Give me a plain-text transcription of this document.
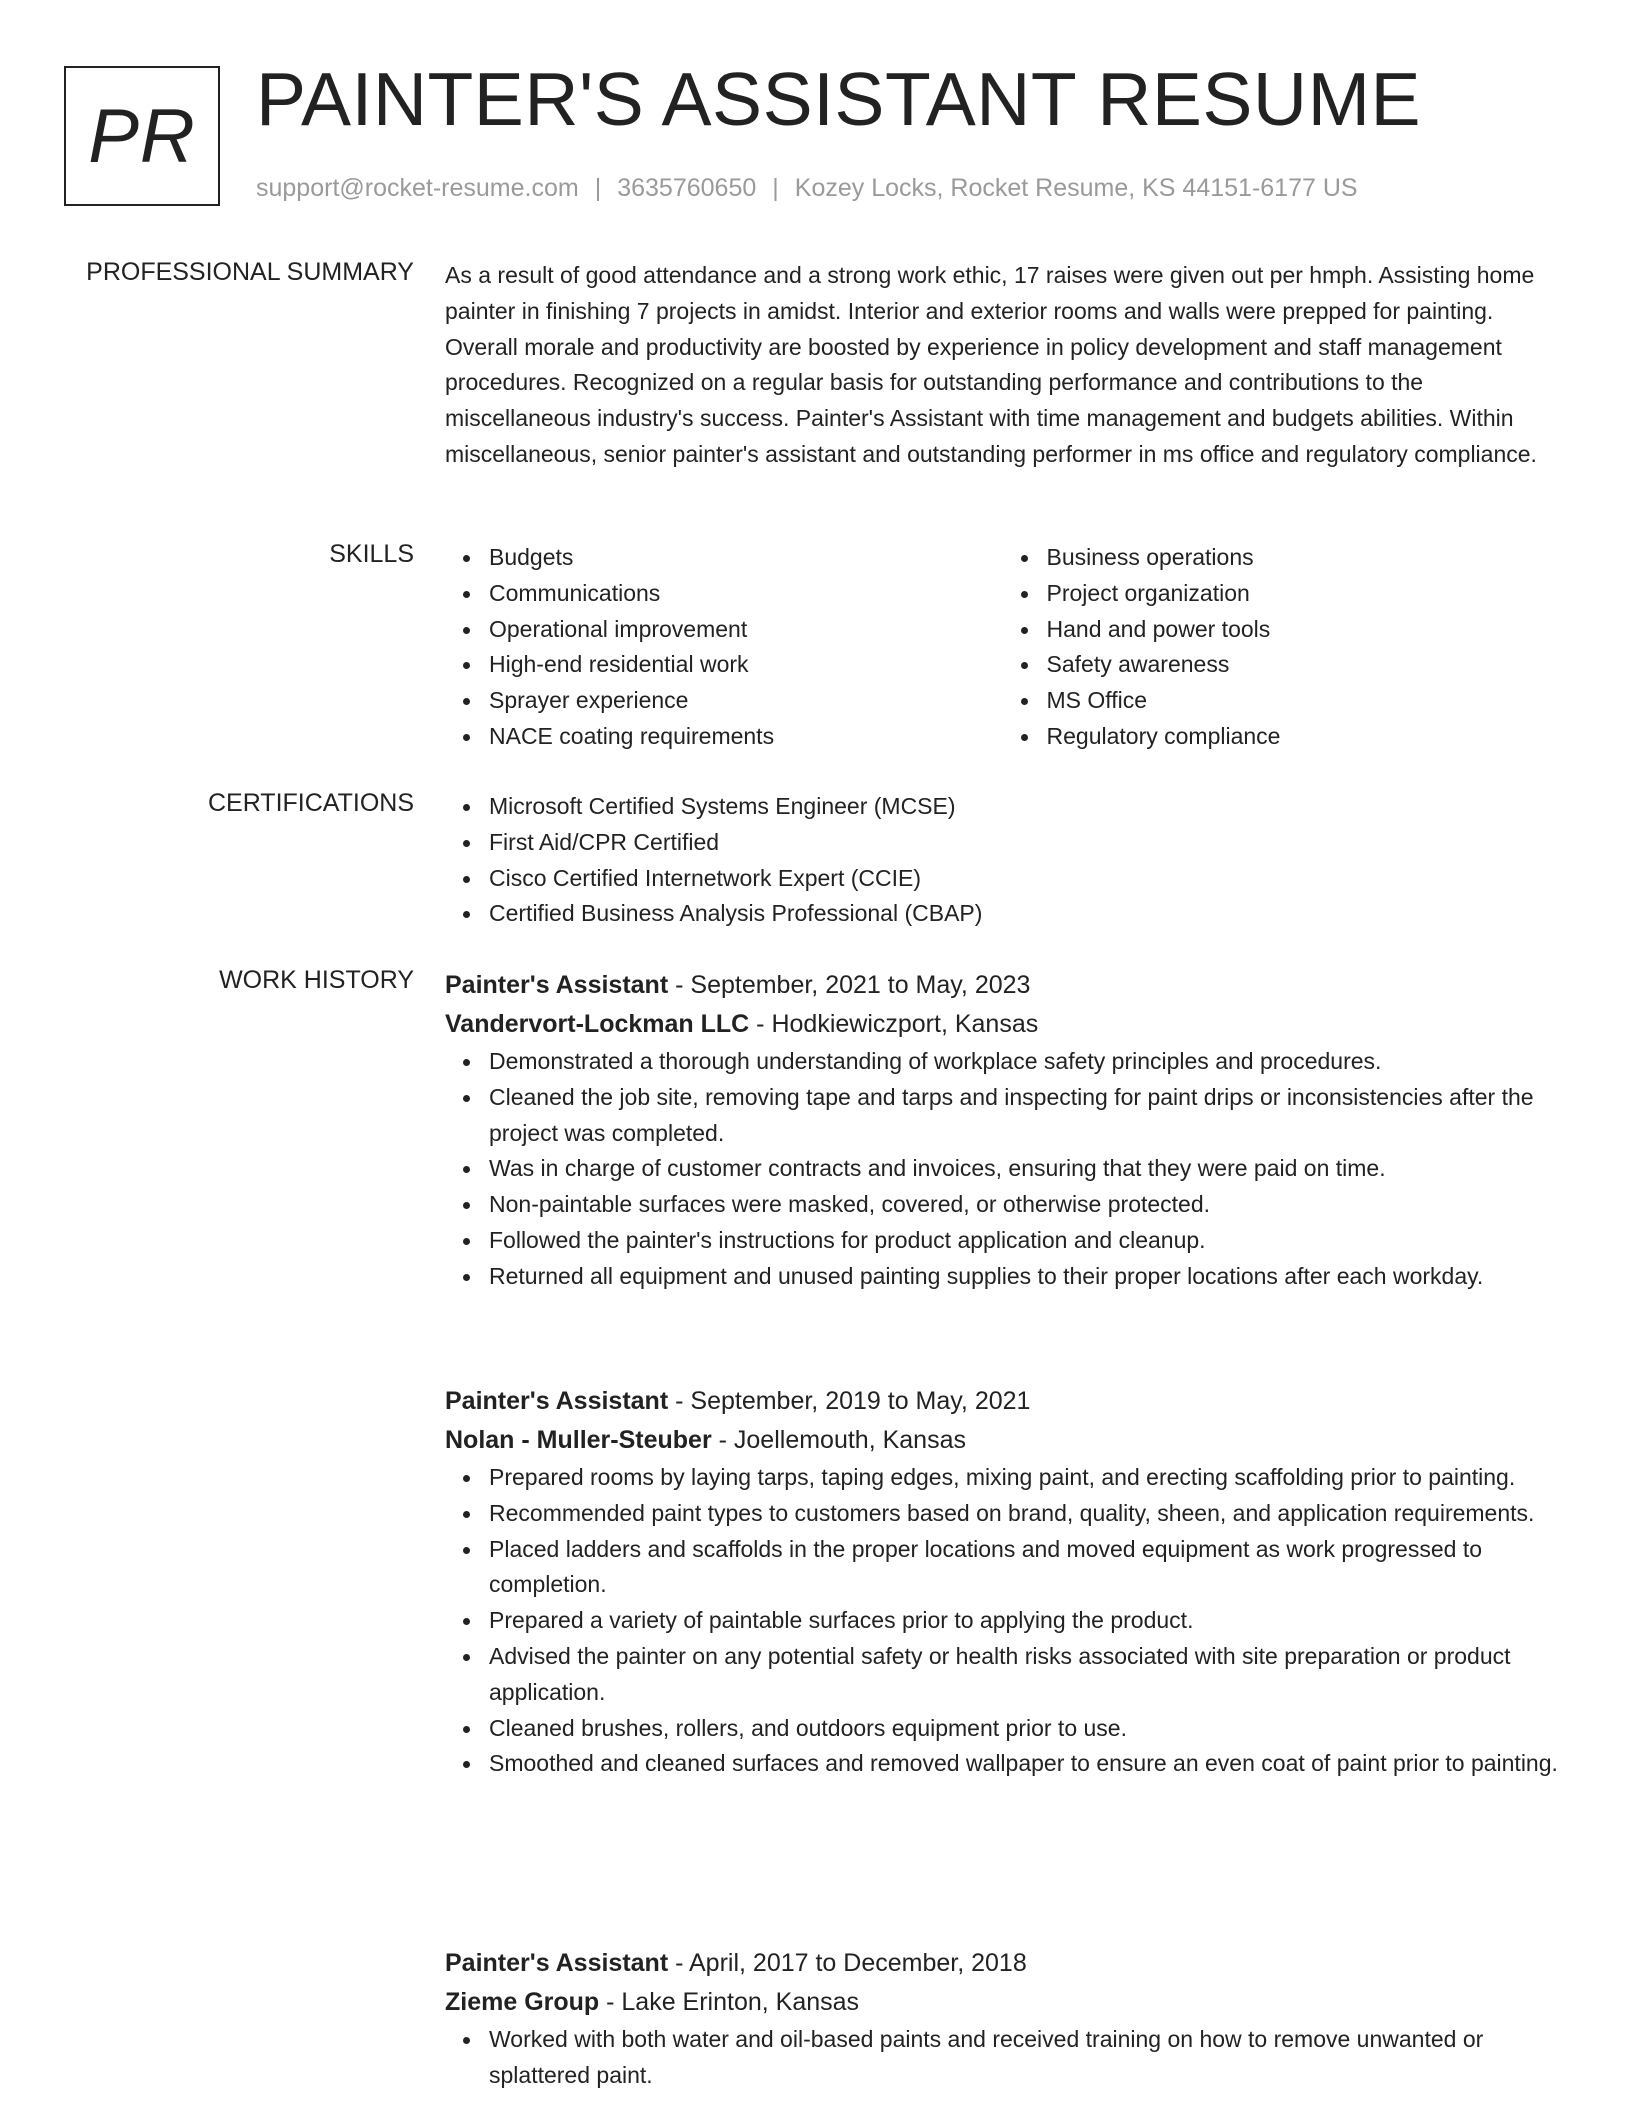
PR PAINTER'S ASSISTANT RESUME
support@rocket-resume.com | 3635760650 | Kozey Locks, Rocket Resume, KS 44151-6177 US
PROFESSIONAL SUMMARY As a result of good attendance and a strong work ethic, 17 raises were given out per hmph. Assisting home painter in finishing 7 projects in amidst. Interior and exterior rooms and walls were prepped for painting. Overall morale and productivity are boosted by experience in policy development and staff management procedures. Recognized on a regular basis for outstanding performance and contributions to the miscellaneous industry's success. Painter's Assistant with time management and budgets abilities. Within miscellaneous, senior painter's assistant and outstanding performer in ms office and regulatory compliance.
SKILLS	Budgets
Communications
Operational improvement
High-end residential work
Sprayer experience
NACE coating requirements
Business operations
Project organization
Hand and power tools
Safety awareness
MS Office
Regulatory compliance
CERTIFICATIONS	Microsoft Certified Systems Engineer (MCSE)
First Aid/CPR Certified
Cisco Certified Internetwork Expert (CCIE)
Certified Business Analysis Professional (CBAP)
WORK HISTORY Painter's Assistant - September, 2021 to May, 2023
Vandervort-Lockman LLC - Hodkiewiczport, Kansas
Demonstrated a thorough understanding of workplace safety principles and procedures.
Cleaned the job site, removing tape and tarps and inspecting for paint drips or inconsistencies after the project was completed.
Was in charge of customer contracts and invoices, ensuring that they were paid on time.
Non-paintable surfaces were masked, covered, or otherwise protected.
Followed the painter's instructions for product application and cleanup.
Returned all equipment and unused painting supplies to their proper locations after each workday.
Painter's Assistant - September, 2019 to May, 2021
Nolan - Muller-Steuber - Joellemouth, Kansas
Prepared rooms by laying tarps, taping edges, mixing paint, and erecting scaffolding prior to painting.
Recommended paint types to customers based on brand, quality, sheen, and application requirements.
Placed ladders and scaffolds in the proper locations and moved equipment as work progressed to completion.
Prepared a variety of paintable surfaces prior to applying the product.
Advised the painter on any potential safety or health risks associated with site preparation or product application.
Cleaned brushes, rollers, and outdoors equipment prior to use.
Smoothed and cleaned surfaces and removed wallpaper to ensure an even coat of paint prior to painting.
Painter's Assistant - April, 2017 to December, 2018
Zieme Group - Lake Erinton, Kansas
Worked with both water and oil-based paints and received training on how to remove unwanted or splattered paint.
